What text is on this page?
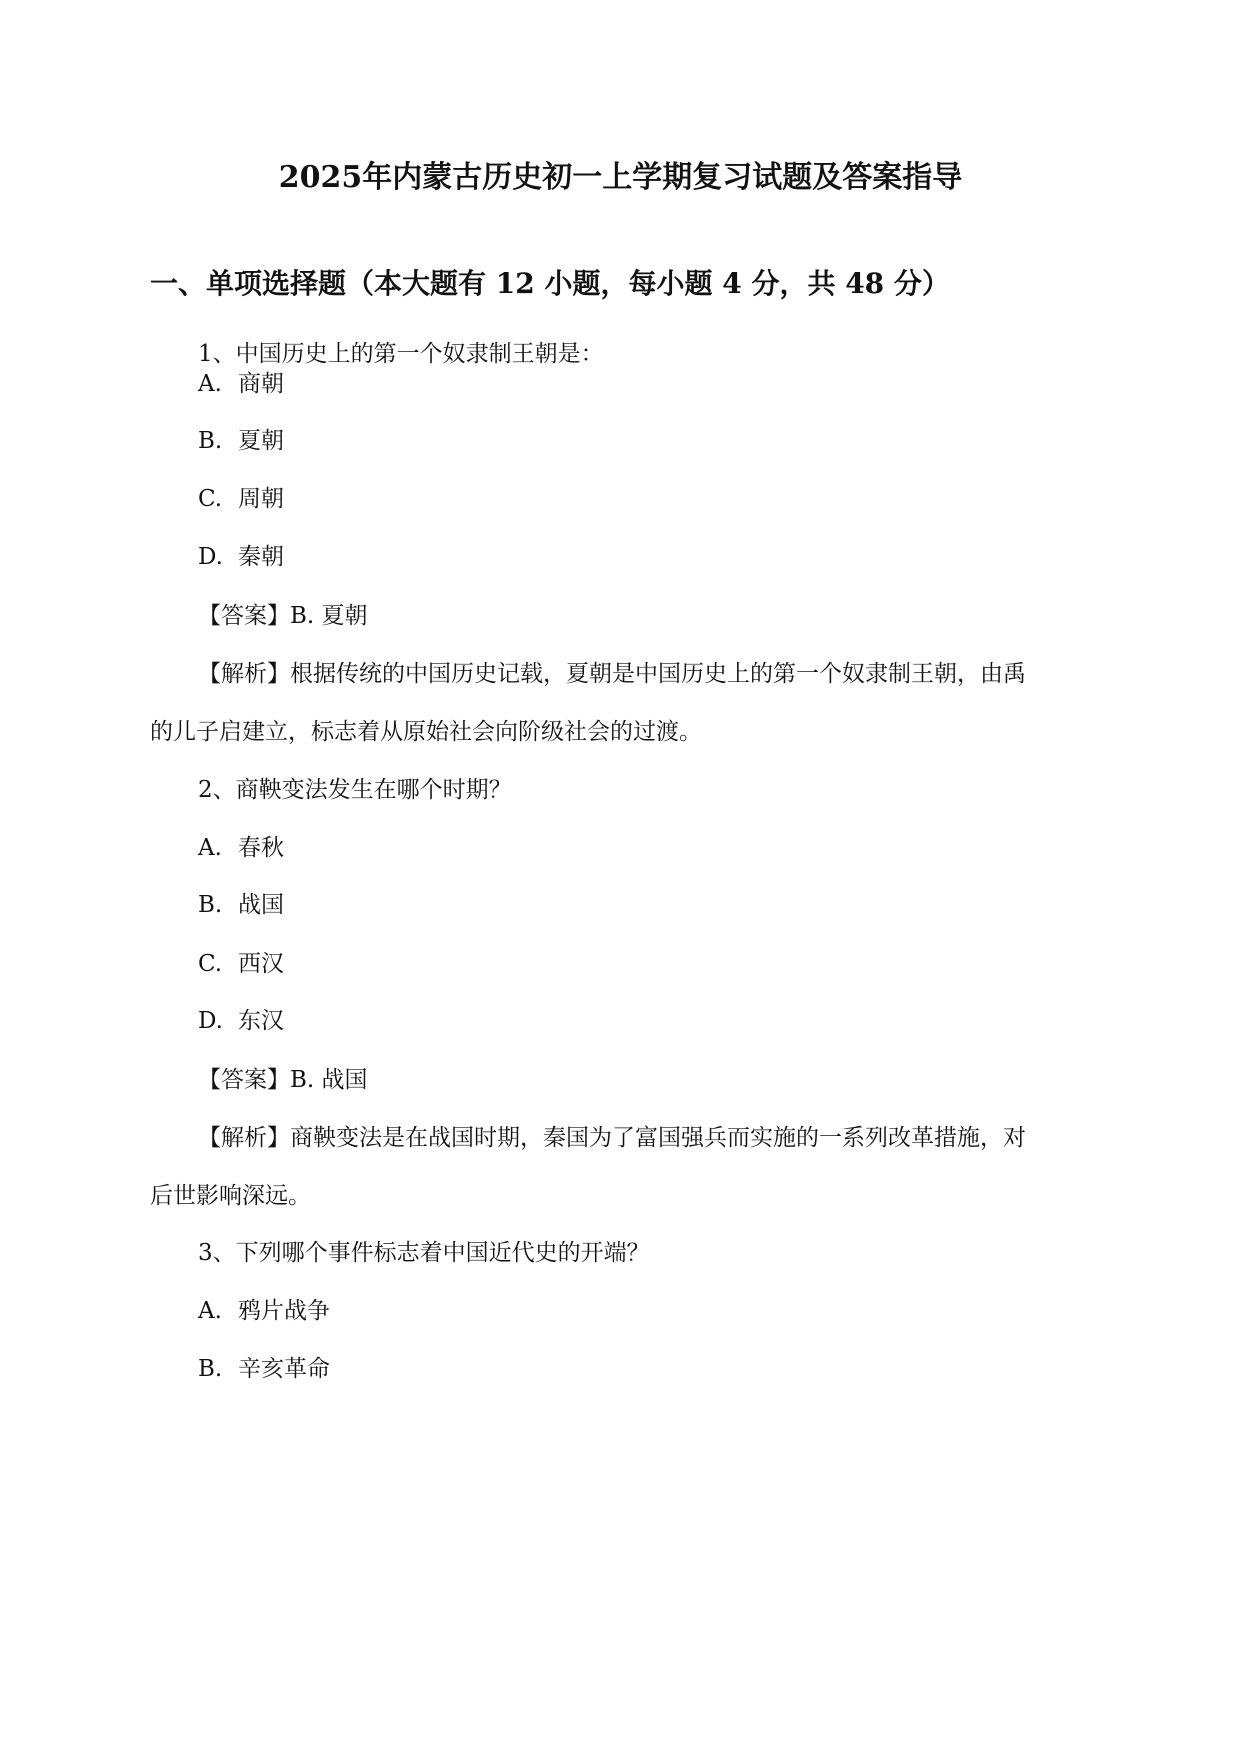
2025年内蒙古历史初一上学期复习试题及答案指导
一、单项选择题（本大题有 12 小题，每小题 4 分，共 48 分）
1、中国历史上的第一个奴隶制王朝是：
A. 商朝
B. 夏朝
C. 周朝
D. 秦朝
【答案】B. 夏朝
【解析】根据传统的中国历史记载，夏朝是中国历史上的第一个奴隶制王朝，由禹
的儿子启建立，标志着从原始社会向阶级社会的过渡。
2、商鞅变法发生在哪个时期？
A. 春秋
B. 战国
C. 西汉
D. 东汉
【答案】B. 战国
【解析】商鞅变法是在战国时期，秦国为了富国强兵而实施的一系列改革措施，对
后世影响深远。
3、下列哪个事件标志着中国近代史的开端？
A. 鸦片战争
B. 辛亥革命
